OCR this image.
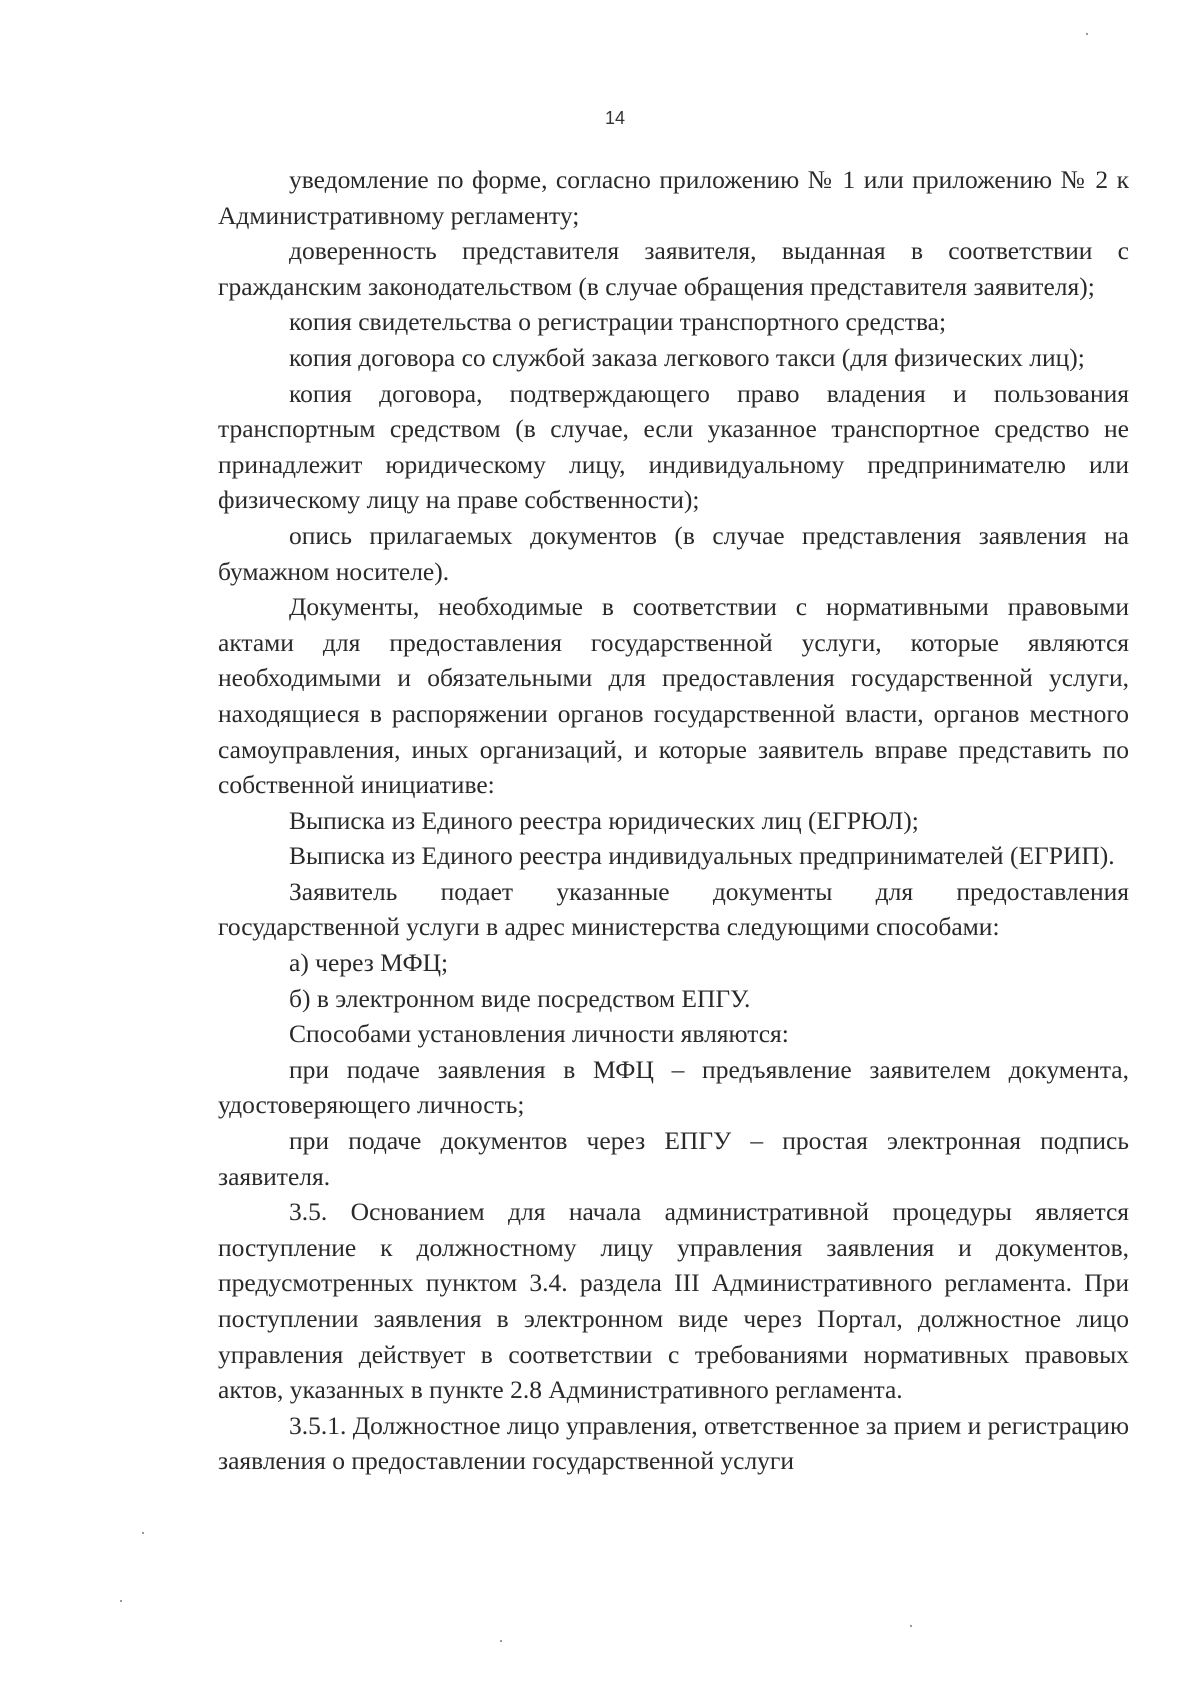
14

уведомление по форме, согласно приложению № 1 или приложению № 2 к Административному регламенту;

доверенность представителя заявителя, выданная в соответствии с гражданским законодательством (в случае обращения представителя заявителя);

копия свидетельства о регистрации транспортного средства;

копия договора со службой заказа легкового такси (для физических лиц);

копия договора, подтверждающего право владения и пользования транспортным средством (в случае, если указанное транспортное средство не принадлежит юридическому лицу, индивидуальному предпринимателю или физическому лицу на праве собственности);

опись прилагаемых документов (в случае представления заявления на бумажном носителе).

Документы, необходимые в соответствии с нормативными правовыми актами для предоставления государственной услуги, которые являются необходимыми и обязательными для предоставления государственной услуги, находящиеся в распоряжении органов государственной власти, органов местного самоуправления, иных организаций, и которые заявитель вправе представить по собственной инициативе:

Выписка из Единого реестра юридических лиц (ЕГРЮЛ);

Выписка из Единого реестра индивидуальных предпринимателей (ЕГРИП).

Заявитель подает указанные документы для предоставления государственной услуги в адрес министерства следующими способами:

а) через МФЦ;

б) в электронном виде посредством ЕПГУ.

Способами установления личности являются:

при подаче заявления в МФЦ – предъявление заявителем документа, удостоверяющего личность;

при подаче документов через ЕПГУ – простая электронная подпись заявителя.

3.5. Основанием для начала административной процедуры является поступление к должностному лицу управления заявления и документов, предусмотренных пунктом 3.4. раздела III Административного регламента. При поступлении заявления в электронном виде через Портал, должностное лицо управления действует в соответствии с требованиями нормативных правовых актов, указанных в пункте 2.8 Административного регламента.

3.5.1. Должностное лицо управления, ответственное за прием и регистрацию заявления о предоставлении государственной услуги
